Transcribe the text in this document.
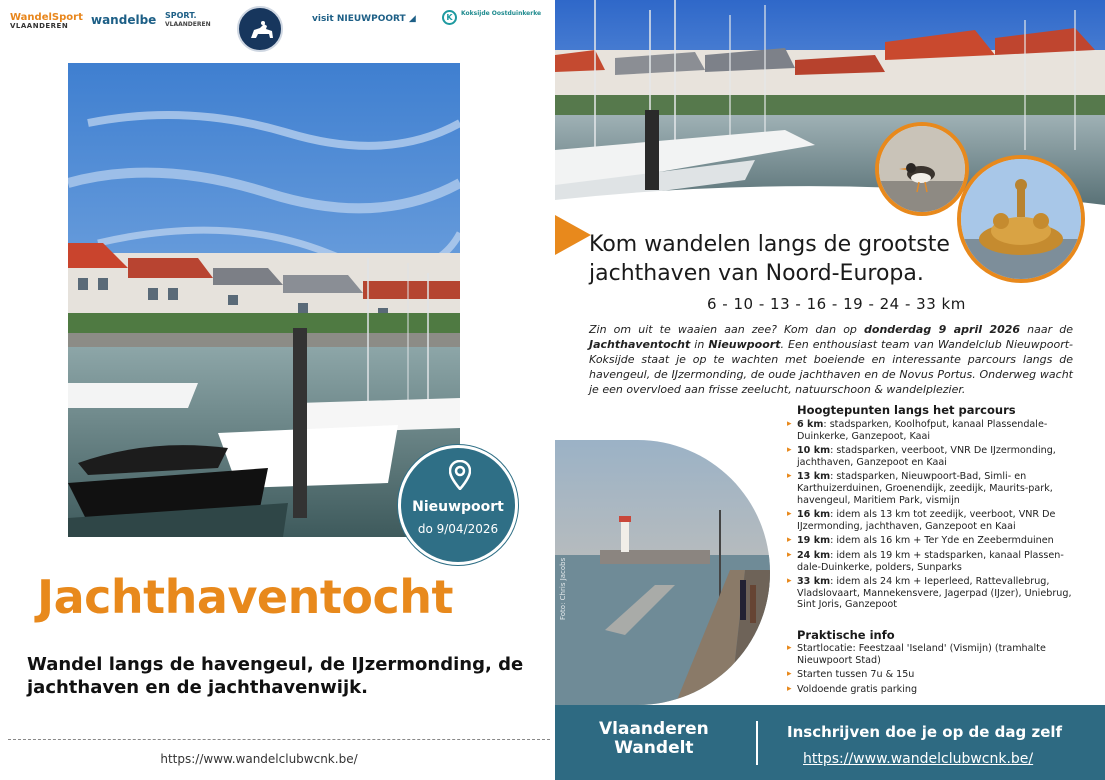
WandelSport
VLAANDEREN	wandelbe SPORT.
VLAANDEREN
visit NIEUWPOORT ◢	K	Koksijde Oostduinkerke
Nieuwpoort
do 9/04/2026
Jachthaventocht
Wandel langs de havengeul, de IJzermonding, de jachthaven en de jachthavenwijk.
https://www.wandelclubwcnk.be/
Kom wandelen langs de grootste jachthaven van Noord-Europa.
6 - 10 - 13 - 16 - 19 - 24 - 33 km
Zin om uit te waaien aan zee? Kom dan op donderdag 9 april 2026 naar de Jachthaventocht in Nieuwpoort. Een enthousiast team van Wandelclub Nieuwpoort-Koksijde staat je op te wachten met boeiende en interessante parcours langs de havengeul, de IJzermonding, de oude jachthaven en de Novus Portus. Onderweg wacht je een overvloed aan frisse zeelucht, natuurschoon & wandelplezier.
Foto: Chris Jacobs
Hoogtepunten langs het parcours
▸ 6 km: stadsparken, Koolhofput, kanaal Plassendale-Duinkerke, Ganzepoot, Kaai
▸ 10 km: stadsparken, veerboot, VNR De IJzermonding, jachthaven, Ganzepoot en Kaai
▸ 13 km: stadsparken, Nieuwpoort-Bad, Simli- en Karthuizerduinen, Groenendijk, zeedijk, Maurits-park, havengeul, Maritiem Park, vismijn
▸ 16 km: idem als 13 km tot zeedijk, veerboot, VNR De IJzermonding, jachthaven, Ganzepoot en Kaai
▸ 19 km: idem als 16 km + Ter Yde en Zeebermduinen
▸ 24 km: idem als 19 km + stadsparken, kanaal Plassen-dale-Duinkerke, polders, Sunparks
▸ 33 km: idem als 24 km + Ieperleed, Rattevallebrug, Vladslovaart, Mannekensvere, Jagerpad (IJzer), Uniebrug, Sint Joris, Ganzepoot
Praktische info
▸ Startlocatie: Feestzaal 'Iseland' (Vismijn) (tramhalte Nieuwpoort Stad)
▸ Starten tussen 7u & 15u
▸ Voldoende gratis parking
Vlaanderen
Wandelt
Inschrijven doe je op de dag zelf
https://www.wandelclubwcnk.be/
